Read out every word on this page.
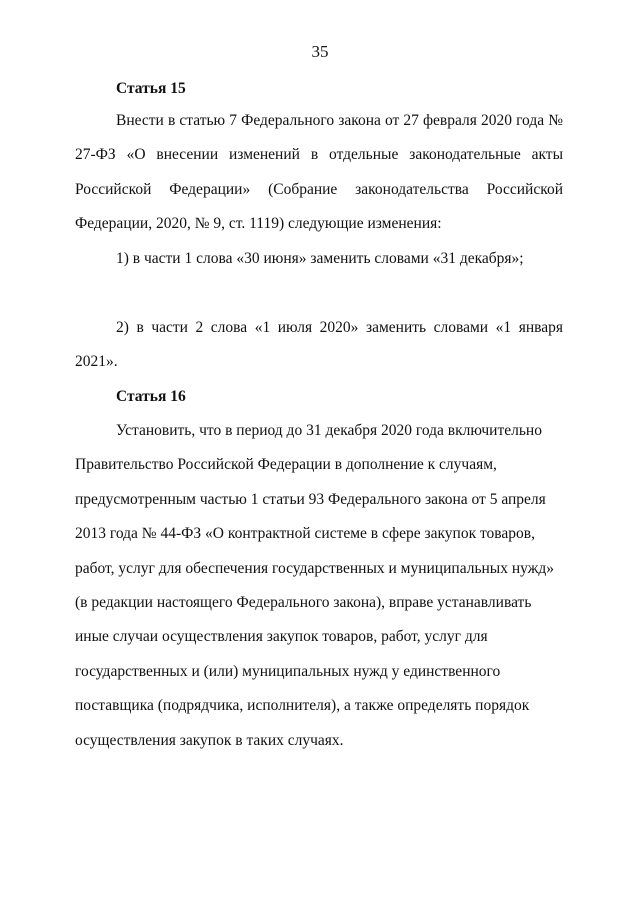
35
Статья 15

Внести в статью 7 Федерального закона от 27 февраля 2020 года № 27-ФЗ «О внесении изменений в отдельные законодательные акты Российской Федерации» (Собрание законодательства Российской Федерации, 2020, № 9, ст. 1119) следующие изменения:

1) в части 1 слова «30 июня» заменить словами «31 декабря»;

2) в части 2 слова «1 июля 2020» заменить словами «1 января 2021».

Статья 16

Установить, что в период до 31 декабря 2020 года включительно Правительство Российской Федерации в дополнение к случаям, предусмотренным частью 1 статьи 93 Федерального закона от 5 апреля 2013 года № 44-ФЗ «О контрактной системе в сфере закупок товаров, работ, услуг для обеспечения государственных и муниципальных нужд» (в редакции настоящего Федерального закона), вправе устанавливать иные случаи осуществления закупок товаров, работ, услуг для государственных и (или) муниципальных нужд у единственного поставщика (подрядчика, исполнителя), а также определять порядок осуществления закупок в таких случаях.
